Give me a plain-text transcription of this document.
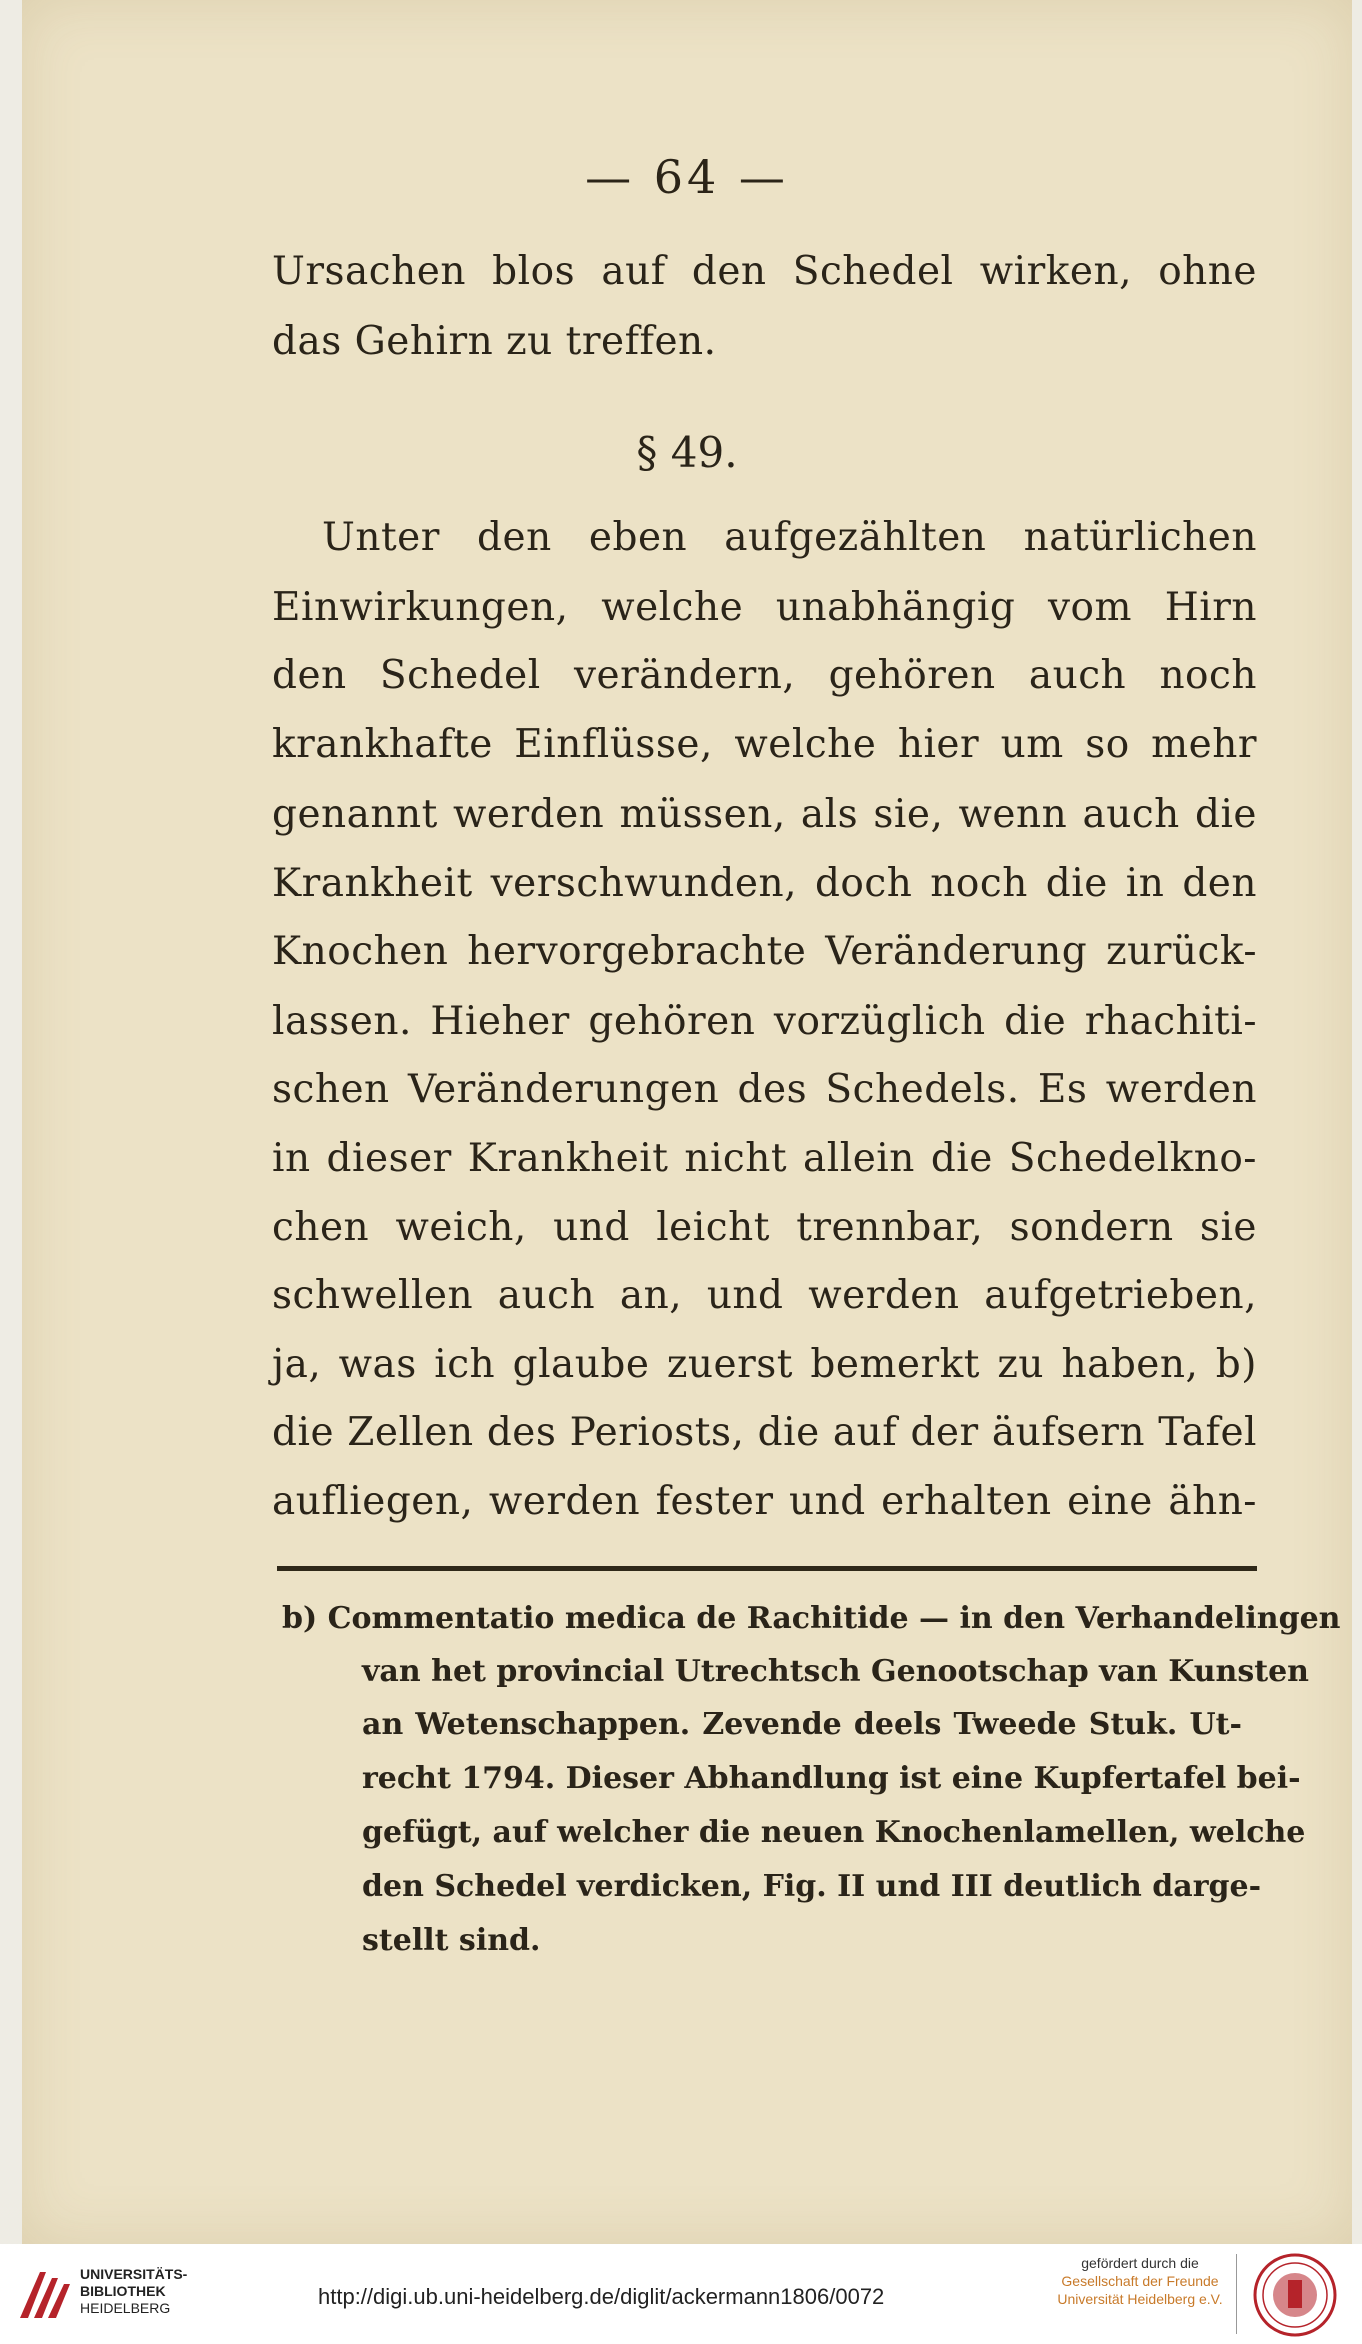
— 64 —
Ursachen blos auf den Schedel wirken, ohne
das Gehirn zu treffen.
§ 49.
Unter den eben aufgezählten natürlichen
Einwirkungen, welche unabhängig vom Hirn
den Schedel verändern, gehören auch noch
krankhafte Einflüsse, welche hier um so mehr
genannt werden müssen, als sie, wenn auch die
Krankheit verschwunden, doch noch die in den
Knochen hervorgebrachte Veränderung zurück-
lassen. Hieher gehören vorzüglich die rhachiti-
schen Veränderungen des Schedels. Es werden
in dieser Krankheit nicht allein die Schedelkno-
chen weich, und leicht trennbar, sondern sie
schwellen auch an, und werden aufgetrieben,
ja, was ich glaube zuerst bemerkt zu haben, b)
die Zellen des Periosts, die auf der äufsern Tafel
aufliegen, werden fester und erhalten eine ähn-
b) Commentatio medica de Rachitide — in den Verhandelingen
van het provincial Utrechtsch Genootschap van Kunsten
an Wetenschappen. Zevende deels Tweede Stuk. Ut-
recht 1794. Dieser Abhandlung ist eine Kupfertafel bei-
gefügt, auf welcher die neuen Knochenlamellen, welche
den Schedel verdicken, Fig. II und III deutlich darge-
stellt sind.
UNIVERSITÄTS-
BIBLIOTHEK
HEIDELBERG	http://digi.ub.uni-heidelberg.de/diglit/ackermann1806/0072
gefördert durch die
Gesellschaft der Freunde
Universität Heidelberg e.V.
